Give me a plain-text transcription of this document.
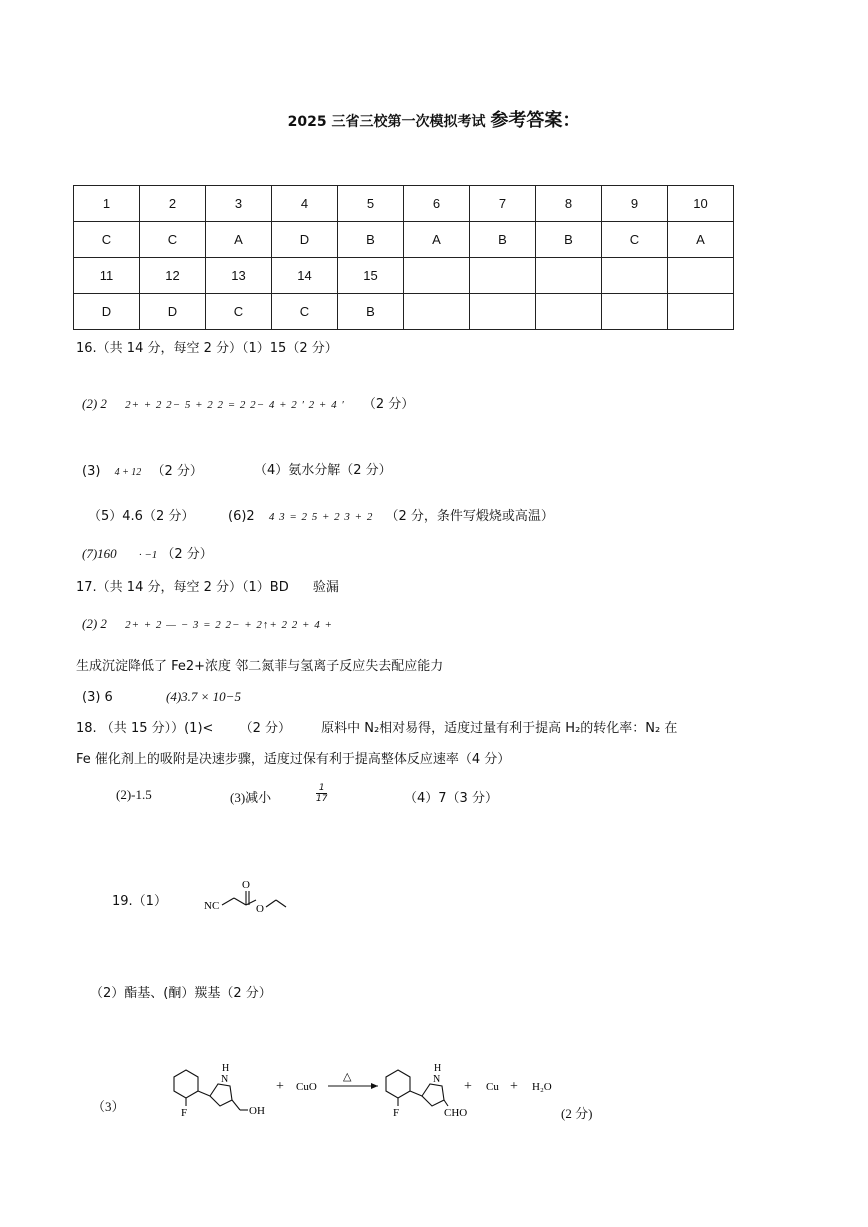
2025 三省三校第一次模拟考试 参考答案：
1	2	3	4	5	6	7	8	9	10
C	C	A	D	B	A	B	B	C	A
11	12	13	14	15					
D	D	C	C	B					
16.（共 14 分，每空 2 分）（1）15（2 分）
(2) 2 2+ + 2 2− 5 + 2 2 = 2 2− 4 + 2 ′ 2 + 4 ′ （2 分）
(3) 4 + 12 （2 分）	（4）氨水分解（2 分）
（5）4.6（2 分）	(6)2 4 3 = 2 5 + 2 3 + 2 （2 分，条件写煅烧或高温）
(7)160 · −1 （2 分）
17.（共 14 分，每空 2 分）（1）BD 验漏
(2) 2 2+ + 2 — − 3 = 2 2− + 2↑+ 2 2 + 4 +
生成沉淀降低了 Fe2+浓度 邻二氮菲与氢离子反应失去配应能力
(3) 6	(4)3.7 × 10−5
18. （共 15 分））(1)< （2 分） 原料中 N₂相对易得，适度过量有利于提高 H₂的转化率：N₂ 在
Fe 催化剂上的吸附是决速步骤，适度过保有利于提高整体反应速率（4 分）
(2)-1.5	(3)减小	$\frac{1}{17}$	（4）7（3 分）
19.（1）	NC
O
O
（2）酯基、(酮）羰基（2 分）
（3）	F
H
N
OH
+ CuO
△
F
H
N
CHO
+ Cu + H₂O
(2 分)
